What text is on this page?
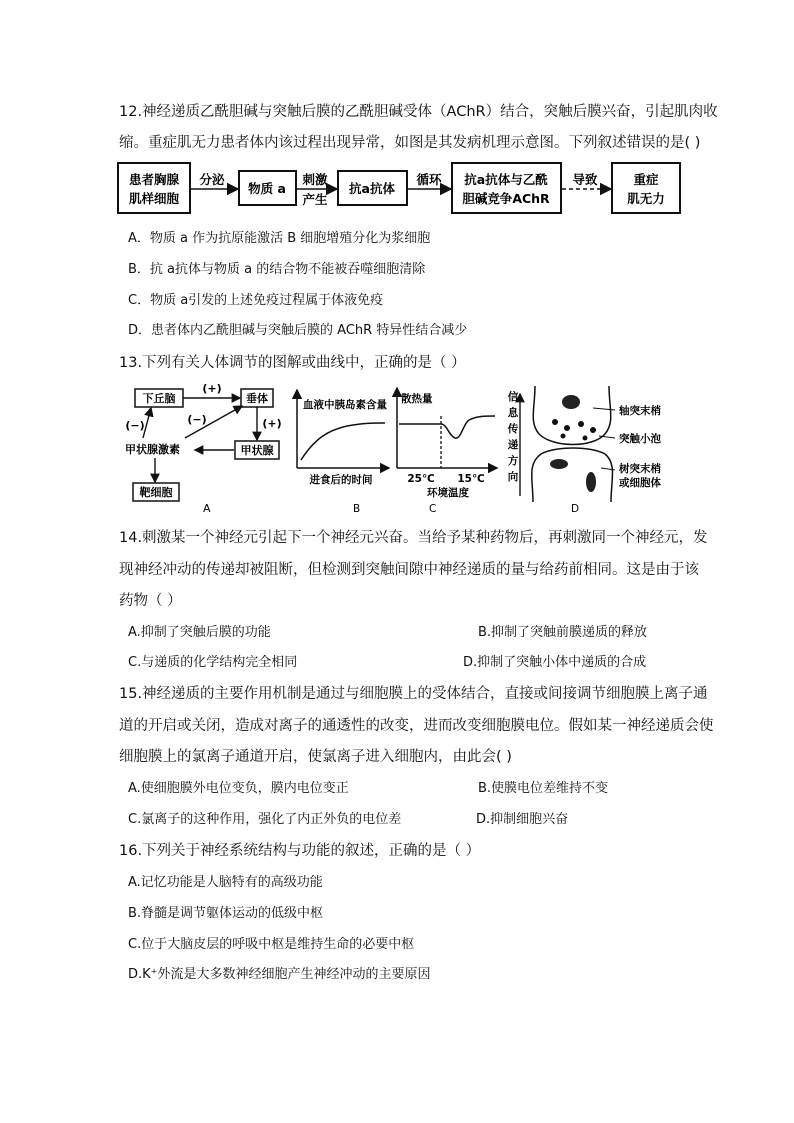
12.神经递质乙酰胆碱与突触后膜的乙酰胆碱受体（AChR）结合，突触后膜兴奋，引起肌肉收
缩。重症肌无力患者体内该过程出现异常，如图是其发病机理示意图。下列叙述错误的是( )
患者胸腺
肌样细胞
分泌
物质 a
刺激
产生
抗a抗体
循环 抗a抗体与乙酰
胆碱竞争AChR
导致	重症
肌无力
A．物质 a 作为抗原能激活 B 细胞增殖分化为浆细胞
B．抗 a抗体与物质 a 的结合物不能被吞噬细胞清除
C．物质 a引发的上述免疫过程属于体液免疫
D．患者体内乙酰胆碱与突触后膜的 AChR 特异性结合减少
13.下列有关人体调节的图解或曲线中，正确的是（ ）
下丘脑	垂体
(+)
(−)	(−)	(+)
甲状腺
甲状腺激素
靶细胞
A
血液中胰岛素含量
进食后的时间
B
散热量
25℃ 15℃
环境温度
C
信
息
传
递
方
向
轴突末梢
突触小泡
树突末梢
或细胞体
D
14.刺激某一个神经元引起下一个神经元兴奋。当给予某种药物后，再刺激同一个神经元，发
现神经冲动的传递却被阻断，但检测到突触间隙中神经递质的量与给药前相同。这是由于该
药物（ ）
A.抑制了突触后膜的功能	B.抑制了突触前膜递质的释放
C.与递质的化学结构完全相同	D.抑制了突触小体中递质的合成
15.神经递质的主要作用机制是通过与细胞膜上的受体结合，直接或间接调节细胞膜上离子通
道的开启或关闭，造成对离子的通透性的改变，进而改变细胞膜电位。假如某一神经递质会使
细胞膜上的氯离子通道开启，使氯离子进入细胞内，由此会( )
A.使细胞膜外电位变负，膜内电位变正	B.使膜电位差维持不变
C.氯离子的这种作用，强化了内正外负的电位差	D.抑制细胞兴奋
16.下列关于神经系统结构与功能的叙述，正确的是（ ）
A.记忆功能是人脑特有的高级功能
B.脊髓是调节躯体运动的低级中枢
C.位于大脑皮层的呼吸中枢是维持生命的必要中枢
D.K⁺外流是大多数神经细胞产生神经冲动的主要原因
